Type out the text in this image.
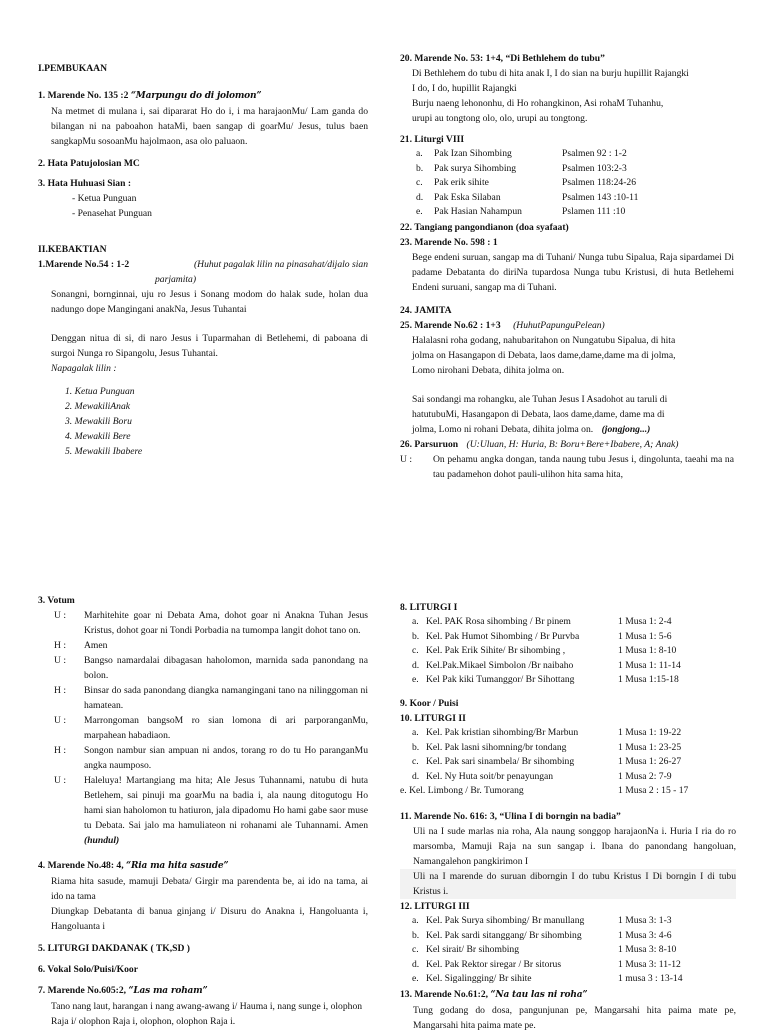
I.PEMBUKAAN
1. Marende No. 135 :2 “Marpungu do di jolomon”
Na metmet di mulana i, sai dipararat Ho do i, i ma harajaonMu/ Lam ganda do bilangan ni na paboahon hataMi, baen sangap di goarMu/ Jesus, tulus baen sangkapMu sosoanMu hajolmaon, asa olo paluaon.
2. Hata Patujolosian MC
3. Hata Huhuasi Sian :
- Ketua Punguan
- Penasehat Punguan
II.KEBAKTIAN
1.Marende No.54 : 1-2	(Huhut pagalak lilin na pinasahat/dijalo sian
parjamita)
Sonangni, bornginnai, uju ro Jesus i Sonang modom do halak sude, holan dua nadungo dope Mangingani anakNa, Jesus Tuhantai
Denggan nitua di si, di naro Jesus i Tuparmahan di Betlehemi, di paboana di surgoi Nunga ro Sipangolu, Jesus Tuhantai.
Napagalak lilin :
1. Ketua Punguan
2. MewakiliAnak
3. Mewakili Boru
4. Mewakili Bere
5. Mewakili Ibabere
20. Marende No. 53: 1+4, “Di Bethlehem do tubu”
Di Bethlehem do tubu di hita anak I, I do sian na burju hupillit Rajangki
I do, I do, hupillit Rajangki
Burju naeng lehononhu, di Ho rohangkinon, Asi rohaM Tuhanhu,
urupi au tongtong olo, olo, urupi au tongtong.
21. Liturgi VIII
a.	Pak Izan Sihombing	Psalmen 92 : 1-2
b.	Pak surya Sihombing	Psalmen 103:2-3
c.	Pak erik sihite	Psalmen 118:24-26
d.	Pak Eska Silaban	Psalmen 143 :10-11
e.	Pak Hasian Nahampun	Pslamen 111 :10
22. Tangiang pangondianon (doa syafaat)
23. Marende No. 598 : 1
Bege endeni suruan, sangap ma di Tuhani/ Nunga tubu Sipalua, Raja sipardamei Di padame Debatanta do diriNa tupardosa Nunga tubu Kristusi, di huta Betlehemi Endeni suruani, sangap ma di Tuhani.
24. JAMITA
25. Marende No.62 : 1+3 (HuhutPapunguPelean)
Halalasni roha godang, nahubaritahon on Nungatubu Sipalua, di hita
jolma on Hasangapon di Debata, laos dame,dame,dame ma di jolma,
Lomo nirohani Debata, dihita jolma on.
Sai sondangi ma rohangku, ale Tuhan Jesus I Asadohot au taruli di
hatutubuMi, Hasangapon di Debata, laos dame,dame, dame ma di
jolma, Lomo ni rohani Debata, dihita jolma on. (jongjong...)
26. Parsuruon (U:Uluan, H: Huria, B: Boru+Bere+Ibabere, A; Anak)
U :	On pehamu angka dongan, tanda naung tubu Jesus i, dingolunta, taeahi ma na tau padamehon dohot pauli-ulihon hita sama hita,
3. Votum
U :	Marhitehite goar ni Debata Ama, dohot goar ni Anakna Tuhan Jesus Kristus, dohot goar ni Tondi Porbadia na tumompa langit dohot tano on.
H :	Amen
U :	Bangso namardalai dibagasan haholomon, marnida sada panondang na bolon.
H :	Binsar do sada panondang diangka namangingani tano na nilinggoman ni hamatean.
U :	Marrongoman bangsoM ro sian lomona di ari parporanganMu, marpahean habadiaon.
H :	Songon nambur sian ampuan ni andos, torang ro do tu Ho paranganMu angka naumposo.
U :	Haleluya! Martangiang ma hita; Ale Jesus Tuhannami, natubu di huta Betlehem, sai pinuji ma goarMu na badia i, ala naung ditogutogu Ho hami sian haholomon tu hatiuron, jala dipadomu Ho hami gabe saor muse tu Debata. Sai jalo ma hamuliateon ni rohanami ale Tuhannami. Amen (hundul)
4. Marende No.48: 4, “Ria ma hita sasude”
Riama hita sasude, mamuji Debata/ Girgir ma parendenta be, ai ido na tama, ai ido na tama
Diungkap Debatanta di banua ginjang i/ Disuru do Anakna i, Hangoluanta i, Hangoluanta i
5. LITURGI DAKDANAK ( TK,SD )
6. Vokal Solo/Puisi/Koor
7. Marende No.605:2, “Las ma roham”
Tano nang laut, harangan i nang awang-awang i/ Hauma i, nang sunge i, olophon Raja i/ olophon Raja i, olophon, olophon Raja i.
8. LITURGI I
a.	Kel. PAK Rosa sihombing / Br pinem	1 Musa 1: 2-4
b.	Kel. Pak Humot Sihombing / Br Purvba	1 Musa 1: 5-6
c.	Kel. Pak Erik Sihite/ Br sihombing ,	1 Musa 1: 8-10
d.	Kel.Pak.Mikael Simbolon /Br naibaho	1 Musa 1: 11-14
e.	Kel Pak kiki Tumanggor/ Br Sihottang	1 Musa 1:15-18
9. Koor / Puisi
10. LITURGI II
a.	Kel. Pak kristian sihombing/Br Marbun	1 Musa 1: 19-22
b.	Kel. Pak lasni sihomning/br tondang	1 Musa 1: 23-25
c.	Kel. Pak sari sinambela/ Br sihombing	1 Musa 1: 26-27
d.	Kel. Ny Huta soit/br penayungan	1 Musa 2: 7-9
e. Kel. Limbong / Br. Tumorang		1 Musa 2 : 15 - 17
11. Marende No. 616: 3, “Ulina I di borngin na badia”
Uli na I sude marlas nia roha, Ala naung songgop harajaonNa i. Huria I ria do ro marsomba, Mamuji Raja na sun sangap i. Ibana do panondang hangoluan, Namangalehon pangkirimon I
Uli na I marende do suruan diborngin I do tubu Kristus I Di borngin I di tubu Kristus i.
12. LITURGI III
a.	Kel. Pak Surya sihombing/ Br manullang	1 Musa 3: 1-3
b.	Kel. Pak sardi sitanggang/ Br sihombing	1 Musa 3: 4-6
c.	Kel sirait/ Br sihombing	1 Musa 3: 8-10
d.	Kel. Pak Rektor siregar / Br sitorus	1 Musa 3: 11-12
e.	Kel. Sigalingging/ Br sihite	1 musa 3 : 13-14
13. Marende No.61:2, “Na tau las ni roha”
Tung godang do dosa, pangunjunan pe, Mangarsahi hita paima mate pe, Mangarsahi hita paima mate pe.
